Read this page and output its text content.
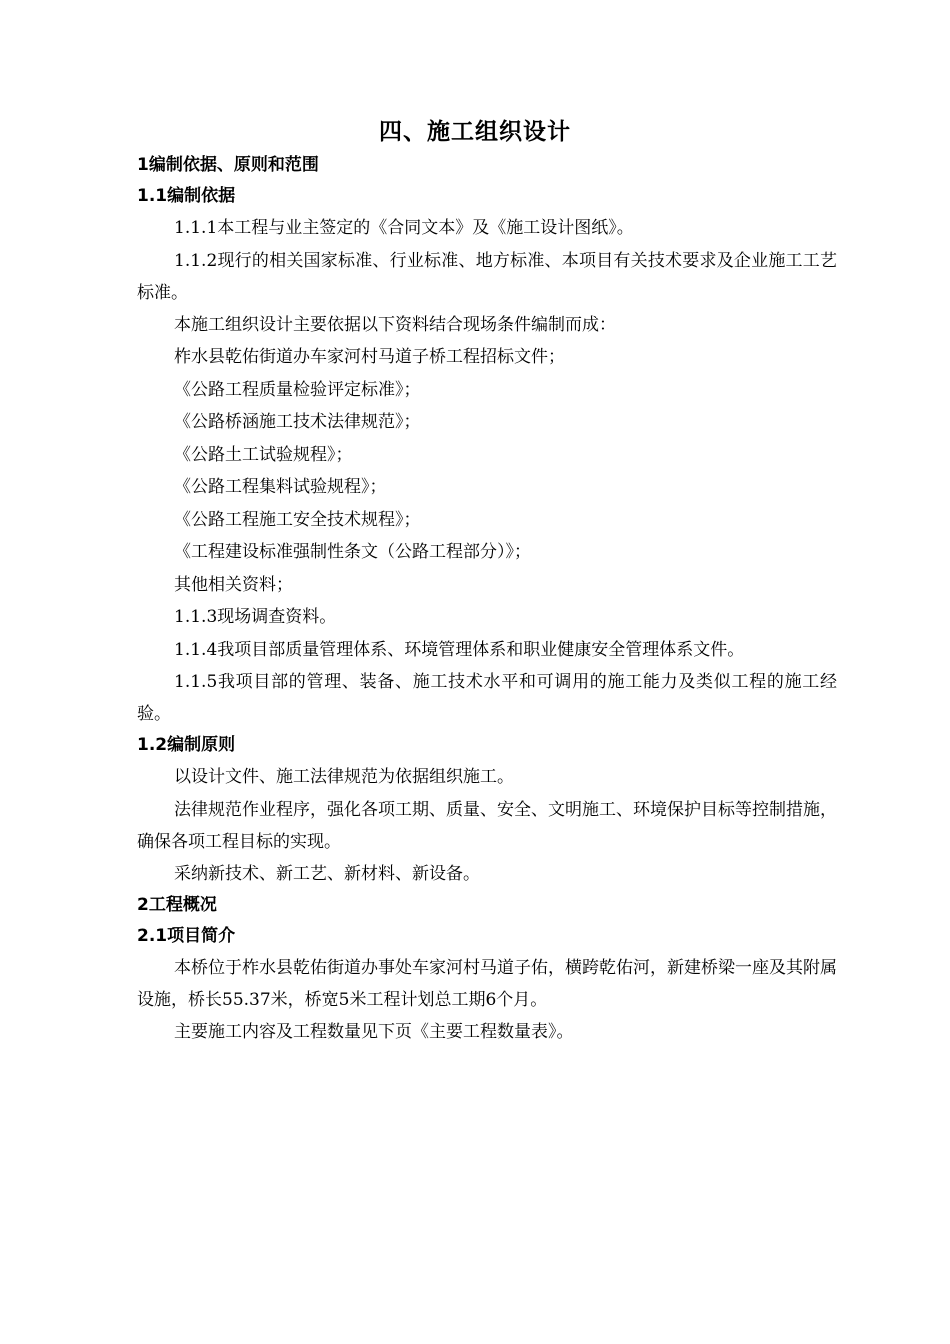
四、施工组织设计

1编制依据、原则和范围

1.1编制依据

1.1.1本工程与业主签定的《合同文本》及《施工设计图纸》。

1.1.2现行的相关国家标准、行业标准、地方标准、本项目有关技术要求及企业施工工艺标准。

本施工组织设计主要依据以下资料结合现场条件编制而成：

柞水县乾佑街道办车家河村马道子桥工程招标文件；

《公路工程质量检验评定标准》；

《公路桥涵施工技术法律规范》；

《公路土工试验规程》；

《公路工程集料试验规程》；

《公路工程施工安全技术规程》；

《工程建设标准强制性条文（公路工程部分）》；

其他相关资料；

1.1.3现场调查资料。

1.1.4我项目部质量管理体系、环境管理体系和职业健康安全管理体系文件。

1.1.5我项目部的管理、装备、施工技术水平和可调用的施工能力及类似工程的施工经验。

1.2编制原则

以设计文件、施工法律规范为依据组织施工。

法律规范作业程序，强化各项工期、质量、安全、文明施工、环境保护目标等控制措施，确保各项工程目标的实现。

采纳新技术、新工艺、新材料、新设备。

2工程概况

2.1项目简介

本桥位于柞水县乾佑街道办事处车家河村马道子佑，横跨乾佑河，新建桥梁一座及其附属设施，桥长55.37米，桥宽5米工程计划总工期6个月。

主要施工内容及工程数量见下页《主要工程数量表》。
